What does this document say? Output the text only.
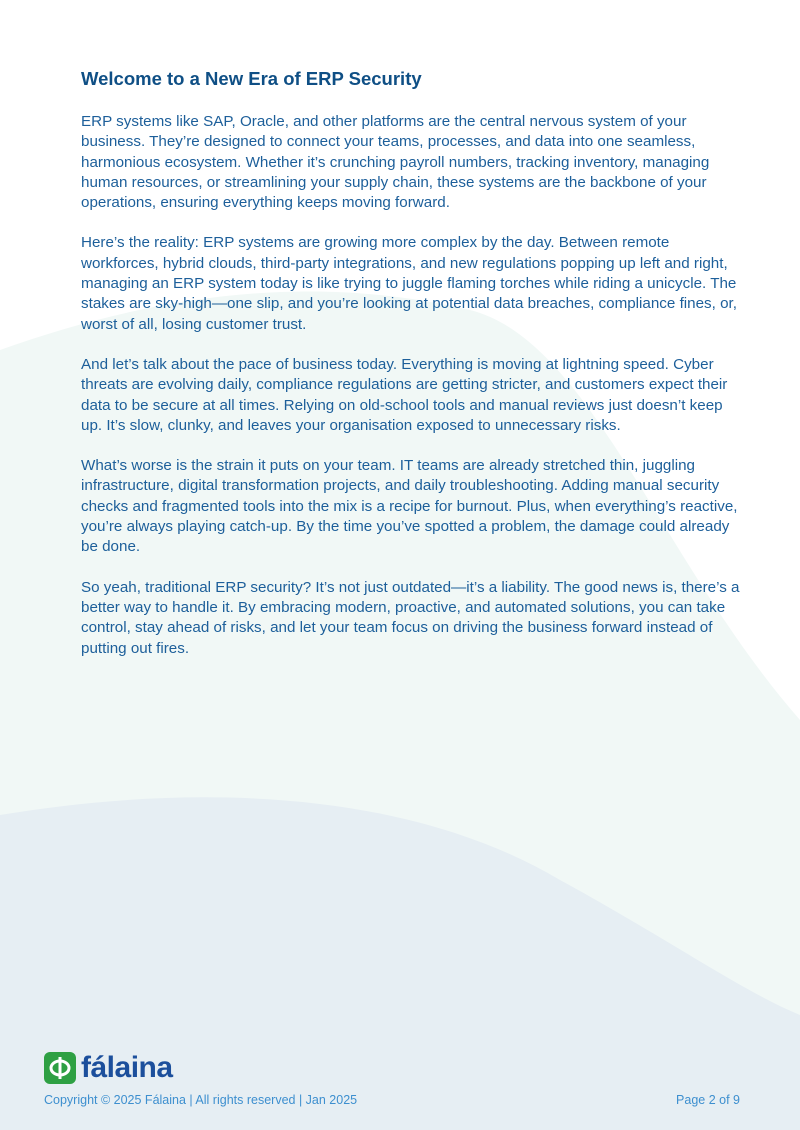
Welcome to a New Era of ERP Security

ERP systems like SAP, Oracle, and other platforms are the central nervous system of your business. They’re designed to connect your teams, processes, and data into one seamless, harmonious ecosystem. Whether it’s crunching payroll numbers, tracking inventory, managing human resources, or streamlining your supply chain, these systems are the backbone of your operations, ensuring everything keeps moving forward.

Here’s the reality: ERP systems are growing more complex by the day. Between remote workforces, hybrid clouds, third-party integrations, and new regulations popping up left and right, managing an ERP system today is like trying to juggle flaming torches while riding a unicycle. The stakes are sky-high—one slip, and you’re looking at potential data breaches, compliance fines, or, worst of all, losing customer trust.

And let’s talk about the pace of business today. Everything is moving at lightning speed. Cyber threats are evolving daily, compliance regulations are getting stricter, and customers expect their data to be secure at all times. Relying on old-school tools and manual reviews just doesn’t keep up. It’s slow, clunky, and leaves your organisation exposed to unnecessary risks.

What’s worse is the strain it puts on your team. IT teams are already stretched thin, juggling infrastructure, digital transformation projects, and daily troubleshooting. Adding manual security checks and fragmented tools into the mix is a recipe for burnout. Plus, when everything’s reactive, you’re always playing catch-up. By the time you’ve spotted a problem, the damage could already be done.

So yeah, traditional ERP security? It’s not just outdated—it’s a liability. The good news is, there’s a better way to handle it. By embracing modern, proactive, and automated solutions, you can take control, stay ahead of risks, and let your team focus on driving the business forward instead of putting out fires.

fálaina
Copyright © 2025 Fálaina | All rights reserved | Jan 2025	Page 2 of 9
